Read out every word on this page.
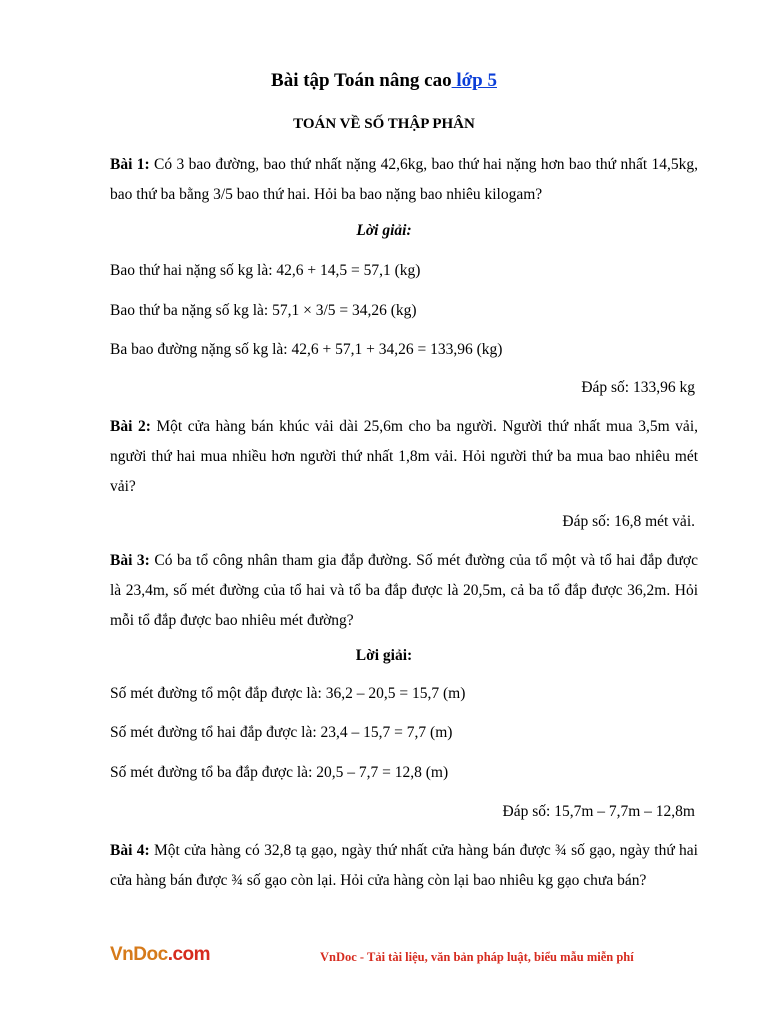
Bài tập Toán nâng cao lớp 5
TOÁN VỀ SỐ THẬP PHÂN
Bài 1: Có 3 bao đường, bao thứ nhất nặng 42,6kg, bao thứ hai nặng hơn bao thứ nhất 14,5kg, bao thứ ba bằng 3/5 bao thứ hai. Hỏi ba bao nặng bao nhiêu kilogam?
Lời giải:
Bao thứ hai nặng số kg là: 42,6 + 14,5 = 57,1 (kg)
Bao thứ ba nặng số kg là: 57,1 × 3/5 = 34,26 (kg)
Ba bao đường nặng số kg là: 42,6 + 57,1 + 34,26 = 133,96 (kg)
Đáp số: 133,96 kg
Bài 2: Một cửa hàng bán khúc vải dài 25,6m cho ba người. Người thứ nhất mua 3,5m vải, người thứ hai mua nhiều hơn người thứ nhất 1,8m vải. Hỏi người thứ ba mua bao nhiêu mét vải?
Đáp số: 16,8 mét vải.
Bài 3: Có ba tổ công nhân tham gia đắp đường. Số mét đường của tổ một và tổ hai đắp được là 23,4m, số mét đường của tổ hai và tổ ba đắp được là 20,5m, cả ba tổ đắp được 36,2m. Hỏi mỗi tổ đắp được bao nhiêu mét đường?
Lời giải:
Số mét đường tổ một đắp được là: 36,2 – 20,5 = 15,7 (m)
Số mét đường tổ hai đắp được là: 23,4 – 15,7 = 7,7 (m)
Số mét đường tổ ba đắp được là: 20,5 – 7,7 = 12,8 (m)
Đáp số: 15,7m – 7,7m – 12,8m
Bài 4: Một cửa hàng có 32,8 tạ gạo, ngày thứ nhất cửa hàng bán được ¾ số gạo, ngày thứ hai cửa hàng bán được ¾ số gạo còn lại. Hỏi cửa hàng còn lại bao nhiêu kg gạo chưa bán?
VnDoc.com	VnDoc - Tải tài liệu, văn bản pháp luật, biểu mẫu miễn phí
